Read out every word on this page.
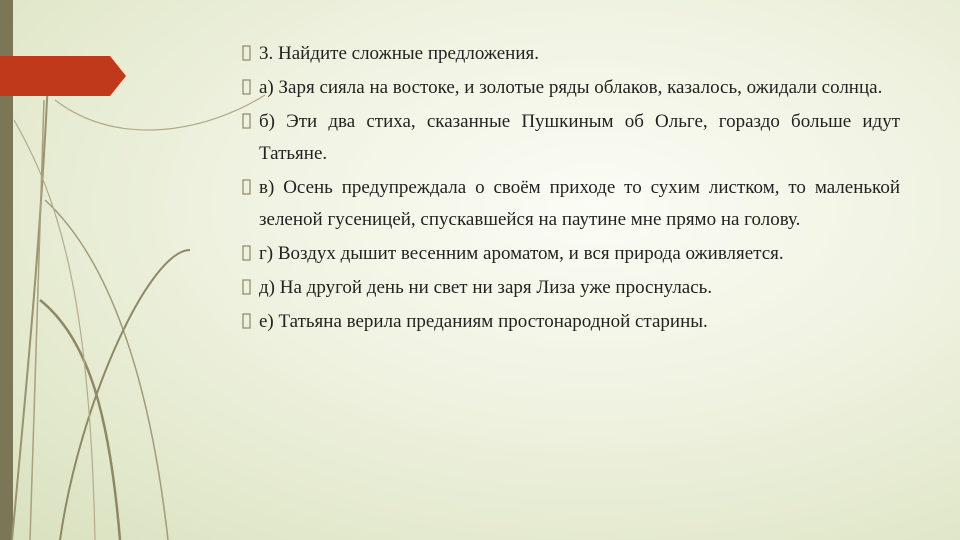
3. Найдите сложные предложения.
а) Заря сияла на востоке, и золотые ряды облаков, казалось, ожидали солнца.
б) Эти два стиха, сказанные Пушкиным об Ольге, гораздо больше идут Татьяне.
в) Осень предупреждала о своём приходе то сухим листком, то маленькой зеленой гусеницей, спускавшейся на паутине мне прямо на голову.
г) Воздух дышит весенним ароматом, и вся природа оживляется.
д) На другой день ни свет ни заря Лиза уже проснулась.
е) Татьяна верила преданиям простонародной старины.
